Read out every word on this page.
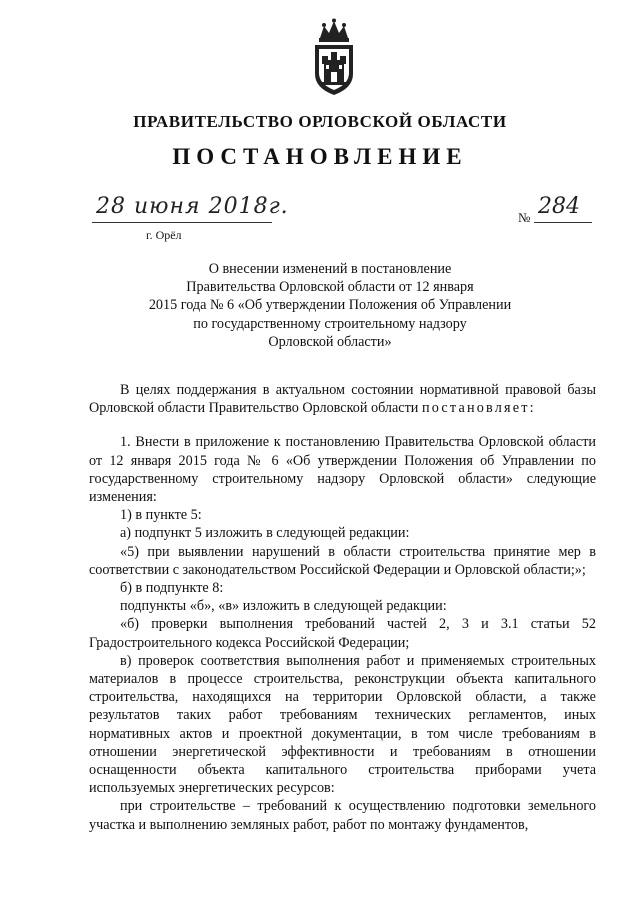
ПРАВИТЕЛЬСТВО ОРЛОВСКОЙ ОБЛАСТИ
ПОСТАНОВЛЕНИЕ
28 июня 2018г.	№ 284
г. Орёл
О внесении изменений в постановление
Правительства Орловской области от 12 января
2015 года № 6 «Об утверждении Положения об Управлении
по государственному строительному надзору
Орловской области»
В целях поддержания в актуальном состоянии нормативной правовой базы Орловской области Правительство Орловской области постановляет:
1. Внести в приложение к постановлению Правительства Орловской области от 12 января 2015 года № 6 «Об утверждении Положения об Управлении по государственному строительному надзору Орловской области» следующие изменения:
1) в пункте 5:
а) подпункт 5 изложить в следующей редакции:
«5) при выявлении нарушений в области строительства принятие мер в соответствии с законодательством Российской Федерации и Орловской области;»;
б) в подпункте 8:
подпункты «б», «в» изложить в следующей редакции:
«б) проверки выполнения требований частей 2, 3 и 3.1 статьи 52 Градостроительного кодекса Российской Федерации;
в) проверок соответствия выполнения работ и применяемых строительных материалов в процессе строительства, реконструкции объекта капитального строительства, находящихся на территории Орловской области, а также результатов таких работ требованиям технических регламентов, иных нормативных актов и проектной документации, в том числе требованиям в отношении энергетической эффективности и требованиям в отношении оснащенности объекта капитального строительства приборами учета используемых энергетических ресурсов:
при строительстве – требований к осуществлению подготовки земельного участка и выполнению земляных работ, работ по монтажу фундаментов,
